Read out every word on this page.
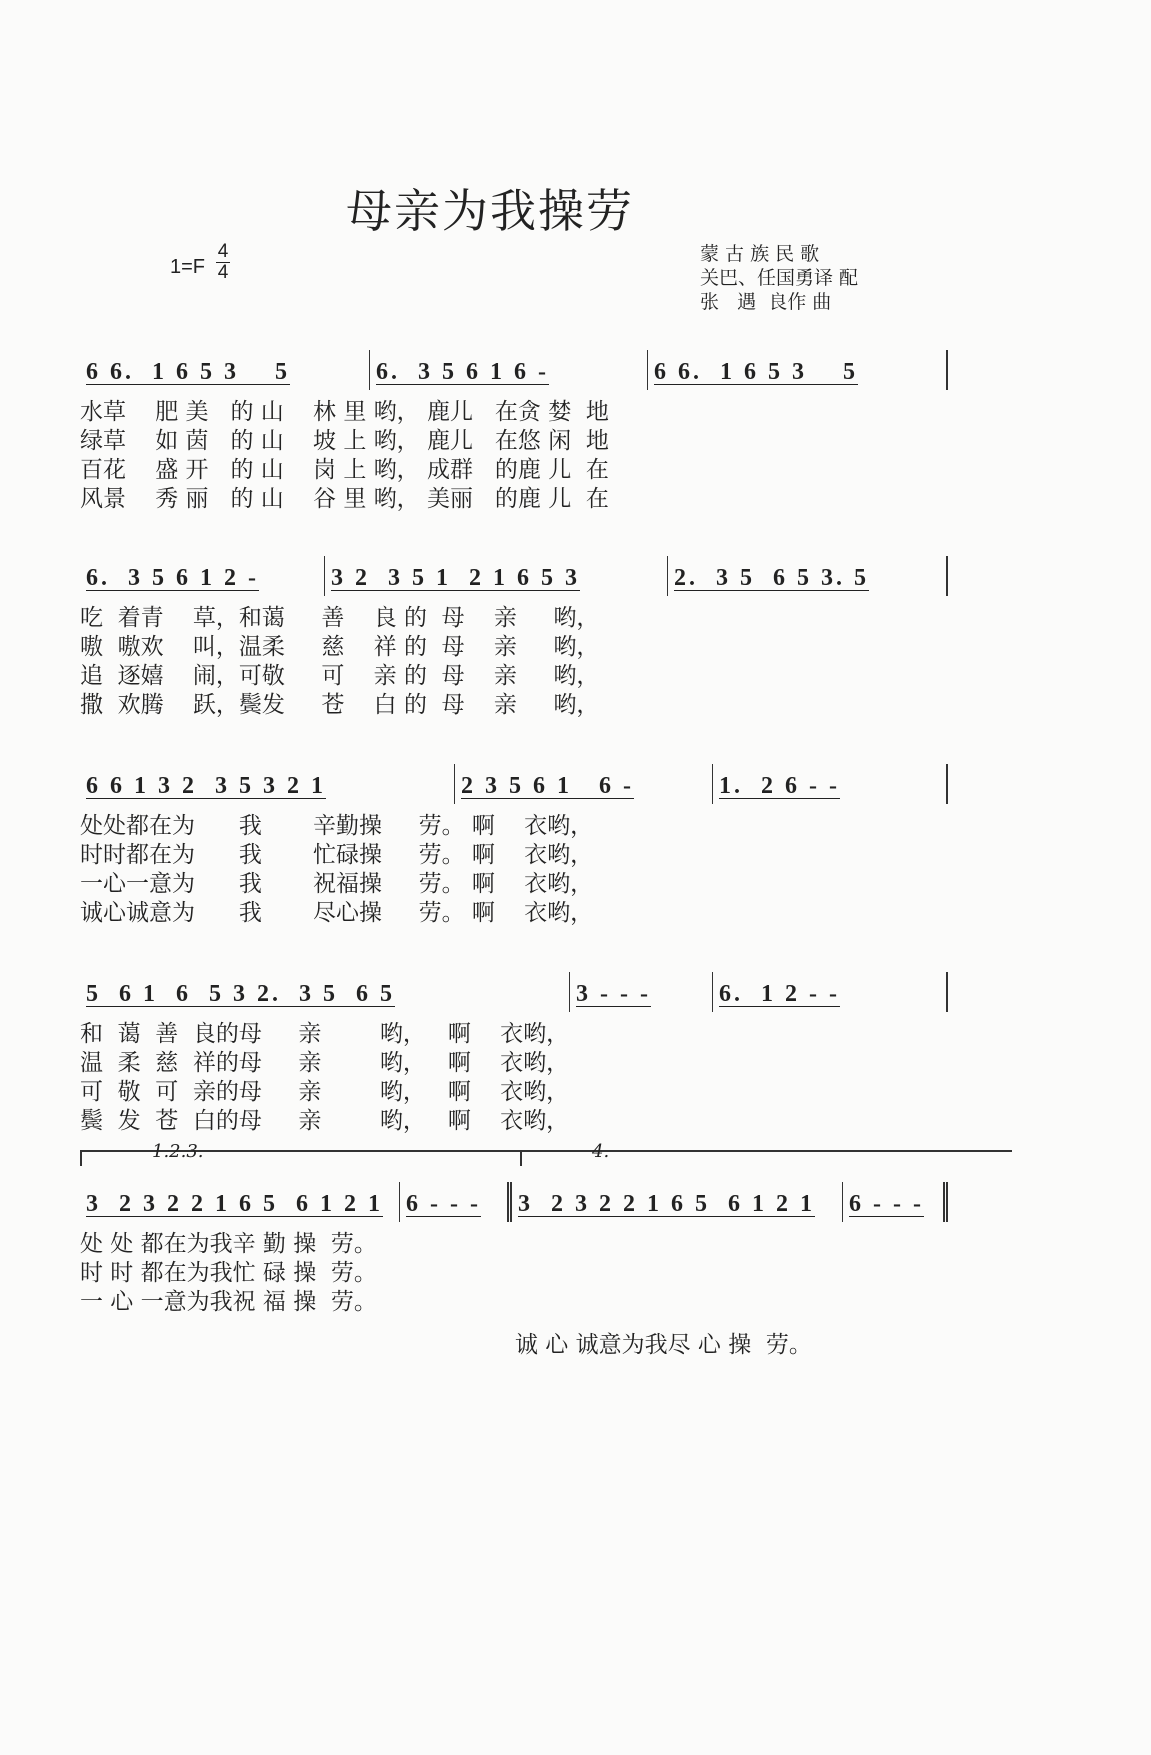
母亲为我操劳
1=F
4
4
蒙 古 族 民 歌
关巴、任国勇译 配
张   遇  良作 曲
6 6.  1 6 5 3    5	6.  3 5 6 1 6 -	6 6.  1 6 5 3    5
水草    肥 美   的 山    林 里 哟， 鹿儿   在贪 婪  地
绿草    如 茵   的 山    坡 上 哟， 鹿儿   在悠 闲  地
百花    盛 开   的 山    岗 上 哟， 成群   的鹿 儿  在
风景    秀 丽   的 山    谷 里 哟， 美丽   的鹿 儿  在
6.  3 5 6 1 2 -	3 2  3 5 1  2 1 6 5 3	2.  3 5  6 5 3. 5
吃  着青    草，和蔼     善    良 的  母    亲     哟，
嗷  嗷欢    叫，温柔     慈    祥 的  母    亲     哟，
追  逐嬉    闹，可敬     可    亲 的  母    亲     哟，
撒  欢腾    跃，鬓发     苍    白 的  母    亲     哟，
6 6 1 3 2  3 5 3 2 1	2 3 5 6 1   6 -	1.  2 6 - -
处处都在为      我       辛勤操     劳。 啊    衣哟，
时时都在为      我       忙碌操     劳。 啊    衣哟，
一心一意为      我       祝福操     劳。 啊    衣哟，
诚心诚意为      我       尽心操     劳。 啊    衣哟，
5  6 1  6  5 3 2.  3 5  6 5	3 - - -	6.  1 2 - -
和  蔼  善  良的母     亲        哟，   啊    衣哟，
温  柔  慈  祥的母     亲        哟，   啊    衣哟，
可  敬  可  亲的母     亲        哟，   啊    衣哟，
鬓  发  苍  白的母     亲        哟，   啊    衣哟，
1.2.3.	4.
3  2 3 2 2 1 6 5  6 1 2 1 6 - - -	3  2 3 2 2 1 6 5  6 1 2 1	6 - - -
处 处 都在为我辛 勤 操  劳。
时 时 都在为我忙 碌 操  劳。
一 心 一意为我祝 福 操  劳。
诚 心 诚意为我尽 心 操  劳。
